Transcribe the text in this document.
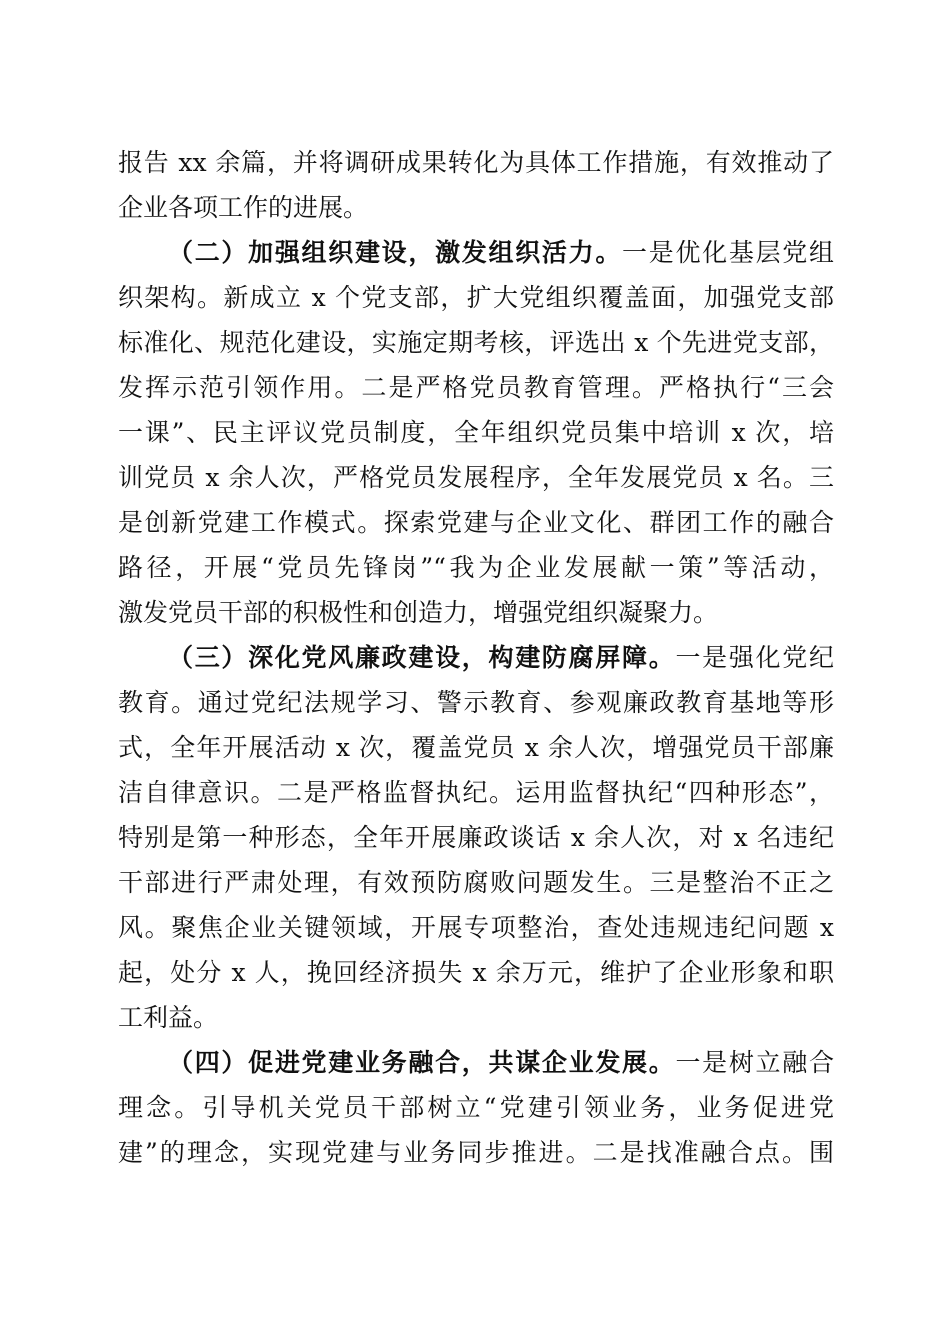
报告 xx 余篇，并将调研成果转化为具体工作措施，有效推动了
企业各项工作的进展。
（二）加强组织建设，激发组织活力。一是优化基层党组
织架构。新成立 x 个党支部，扩大党组织覆盖面，加强党支部
标准化、规范化建设，实施定期考核，评选出 x 个先进党支部，
发挥示范引领作用。二是严格党员教育管理。严格执行“三会
一课”、民主评议党员制度，全年组织党员集中培训 x 次，培
训党员 x 余人次，严格党员发展程序，全年发展党员 x 名。三
是创新党建工作模式。探索党建与企业文化、群团工作的融合
路径，开展“党员先锋岗”“我为企业发展献一策”等活动，
激发党员干部的积极性和创造力，增强党组织凝聚力。
（三）深化党风廉政建设，构建防腐屏障。一是强化党纪
教育。通过党纪法规学习、警示教育、参观廉政教育基地等形
式，全年开展活动 x 次，覆盖党员 x 余人次，增强党员干部廉
洁自律意识。二是严格监督执纪。运用监督执纪“四种形态”，
特别是第一种形态，全年开展廉政谈话 x 余人次，对 x 名违纪
干部进行严肃处理，有效预防腐败问题发生。三是整治不正之
风。聚焦企业关键领域，开展专项整治，查处违规违纪问题 x
起，处分 x 人，挽回经济损失 x 余万元，维护了企业形象和职
工利益。
（四）促进党建业务融合，共谋企业发展。一是树立融合
理念。引导机关党员干部树立“党建引领业务，业务促进党
建”的理念，实现党建与业务同步推进。二是找准融合点。围
